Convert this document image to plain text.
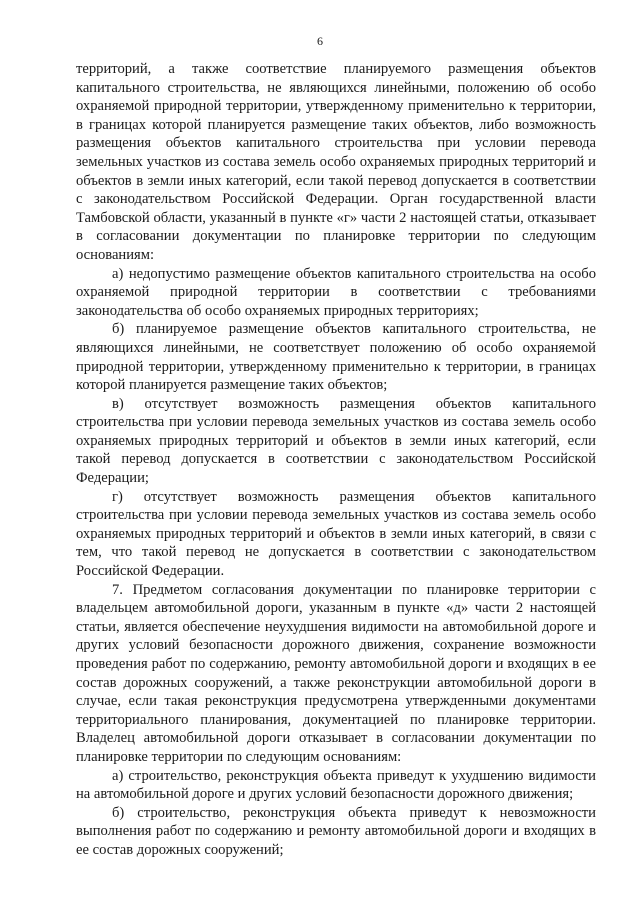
6

территорий, а также соответствие планируемого размещения объектов капитального строительства, не являющихся линейными, положению об особо охраняемой природной территории, утвержденному применительно к территории, в границах которой планируется размещение таких объектов, либо возможность размещения объектов капитального строительства при условии перевода земельных участков из состава земель особо охраняемых природных территорий и объектов в земли иных категорий, если такой перевод допускается в соответствии с законодательством Российской Федерации. Орган государственной власти Тамбовской области, указанный в пункте «г» части 2 настоящей статьи, отказывает в согласовании документации по планировке территории по следующим основаниям:

а) недопустимо размещение объектов капитального строительства на особо охраняемой природной территории в соответствии с требованиями законодательства об особо охраняемых природных территориях;

б) планируемое размещение объектов капитального строительства, не являющихся линейными, не соответствует положению об особо охраняемой природной территории, утвержденному применительно к территории, в границах которой планируется размещение таких объектов;

в) отсутствует возможность размещения объектов капитального строительства при условии перевода земельных участков из состава земель особо охраняемых природных территорий и объектов в земли иных категорий, если такой перевод допускается в соответствии с законодательством Российской Федерации;

г) отсутствует возможность размещения объектов капитального строительства при условии перевода земельных участков из состава земель особо охраняемых природных территорий и объектов в земли иных категорий, в связи с тем, что такой перевод не допускается в соответствии с законодательством Российской Федерации.

7. Предметом согласования документации по планировке территории с владельцем автомобильной дороги, указанным в пункте «д» части 2 настоящей статьи, является обеспечение неухудшения видимости на автомобильной дороге и других условий безопасности дорожного движения, сохранение возможности проведения работ по содержанию, ремонту автомобильной дороги и входящих в ее состав дорожных сооружений, а также реконструкции автомобильной дороги в случае, если такая реконструкция предусмотрена утвержденными документами территориального планирования, документацией по планировке территории. Владелец автомобильной дороги отказывает в согласовании документации по планировке территории по следующим основаниям:

а) строительство, реконструкция объекта приведут к ухудшению видимости на автомобильной дороге и других условий безопасности дорожного движения;

б) строительство, реконструкция объекта приведут к невозможности выполнения работ по содержанию и ремонту автомобильной дороги и входящих в ее состав дорожных сооружений;
